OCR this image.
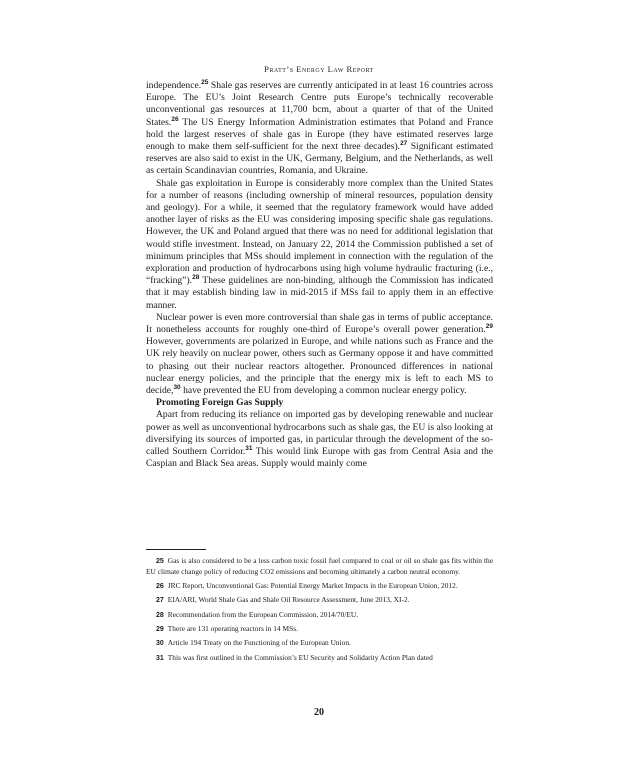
Pratt’s Energy Law Report

independence.$^{25}$ Shale gas reserves are currently anticipated in at least 16 countries across Europe. The EU’s Joint Research Centre puts Europe’s technically recoverable unconventional gas resources at 11,700 bcm, about a quarter of that of the United States.$^{26}$ The US Energy Information Administration estimates that Poland and France hold the largest reserves of shale gas in Europe (they have estimated reserves large enough to make them self-sufficient for the next three decades).$^{27}$ Significant estimated reserves are also said to exist in the UK, Germany, Belgium, and the Netherlands, as well as certain Scandinavian countries, Romania, and Ukraine.

Shale gas exploitation in Europe is considerably more complex than the United States for a number of reasons (including ownership of mineral resources, population density and geology). For a while, it seemed that the regulatory framework would have added another layer of risks as the EU was considering imposing specific shale gas regulations. However, the UK and Poland argued that there was no need for additional legislation that would stifle investment. Instead, on January 22, 2014 the Commission published a set of minimum principles that MSs should implement in connection with the regulation of the exploration and production of hydrocarbons using high volume hydraulic fracturing (i.e., “fracking”).$^{28}$ These guidelines are non-binding, although the Commission has indicated that it may establish binding law in mid-2015 if MSs fail to apply them in an effective manner.

Nuclear power is even more controversial than shale gas in terms of public acceptance. It nonetheless accounts for roughly one-third of Europe’s overall power generation.$^{29}$ However, governments are polarized in Europe, and while nations such as France and the UK rely heavily on nuclear power, others such as Germany oppose it and have committed to phasing out their nuclear reactors altogether. Pronounced differences in national nuclear energy policies, and the principle that the energy mix is left to each MS to decide,$^{30}$ have prevented the EU from developing a common nuclear energy policy.

Promoting Foreign Gas Supply

Apart from reducing its reliance on imported gas by developing renewable and nuclear power as well as unconventional hydrocarbons such as shale gas, the EU is also looking at diversifying its sources of imported gas, in particular through the development of the so-called Southern Corridor.$^{31}$ This would link Europe with gas from Central Asia and the Caspian and Black Sea areas. Supply would mainly come

25 Gas is also considered to be a less carbon toxic fossil fuel compared to coal or oil so shale gas fits within the EU climate change policy of reducing CO2 emissions and becoming ultimately a carbon neutral economy.

26 JRC Report, Unconventional Gas: Potential Energy Market Impacts in the European Union, 2012.

27 EIA/ARI, World Shale Gas and Shale Oil Resource Assessment, June 2013, XI-2.

28 Recommendation from the European Commission, 2014/70/EU.

29 There are 131 operating reactors in 14 MSs.

30 Article 194 Treaty on the Functioning of the European Union.

31 This was first outlined in the Commission’s EU Security and Solidarity Action Plan dated

20
